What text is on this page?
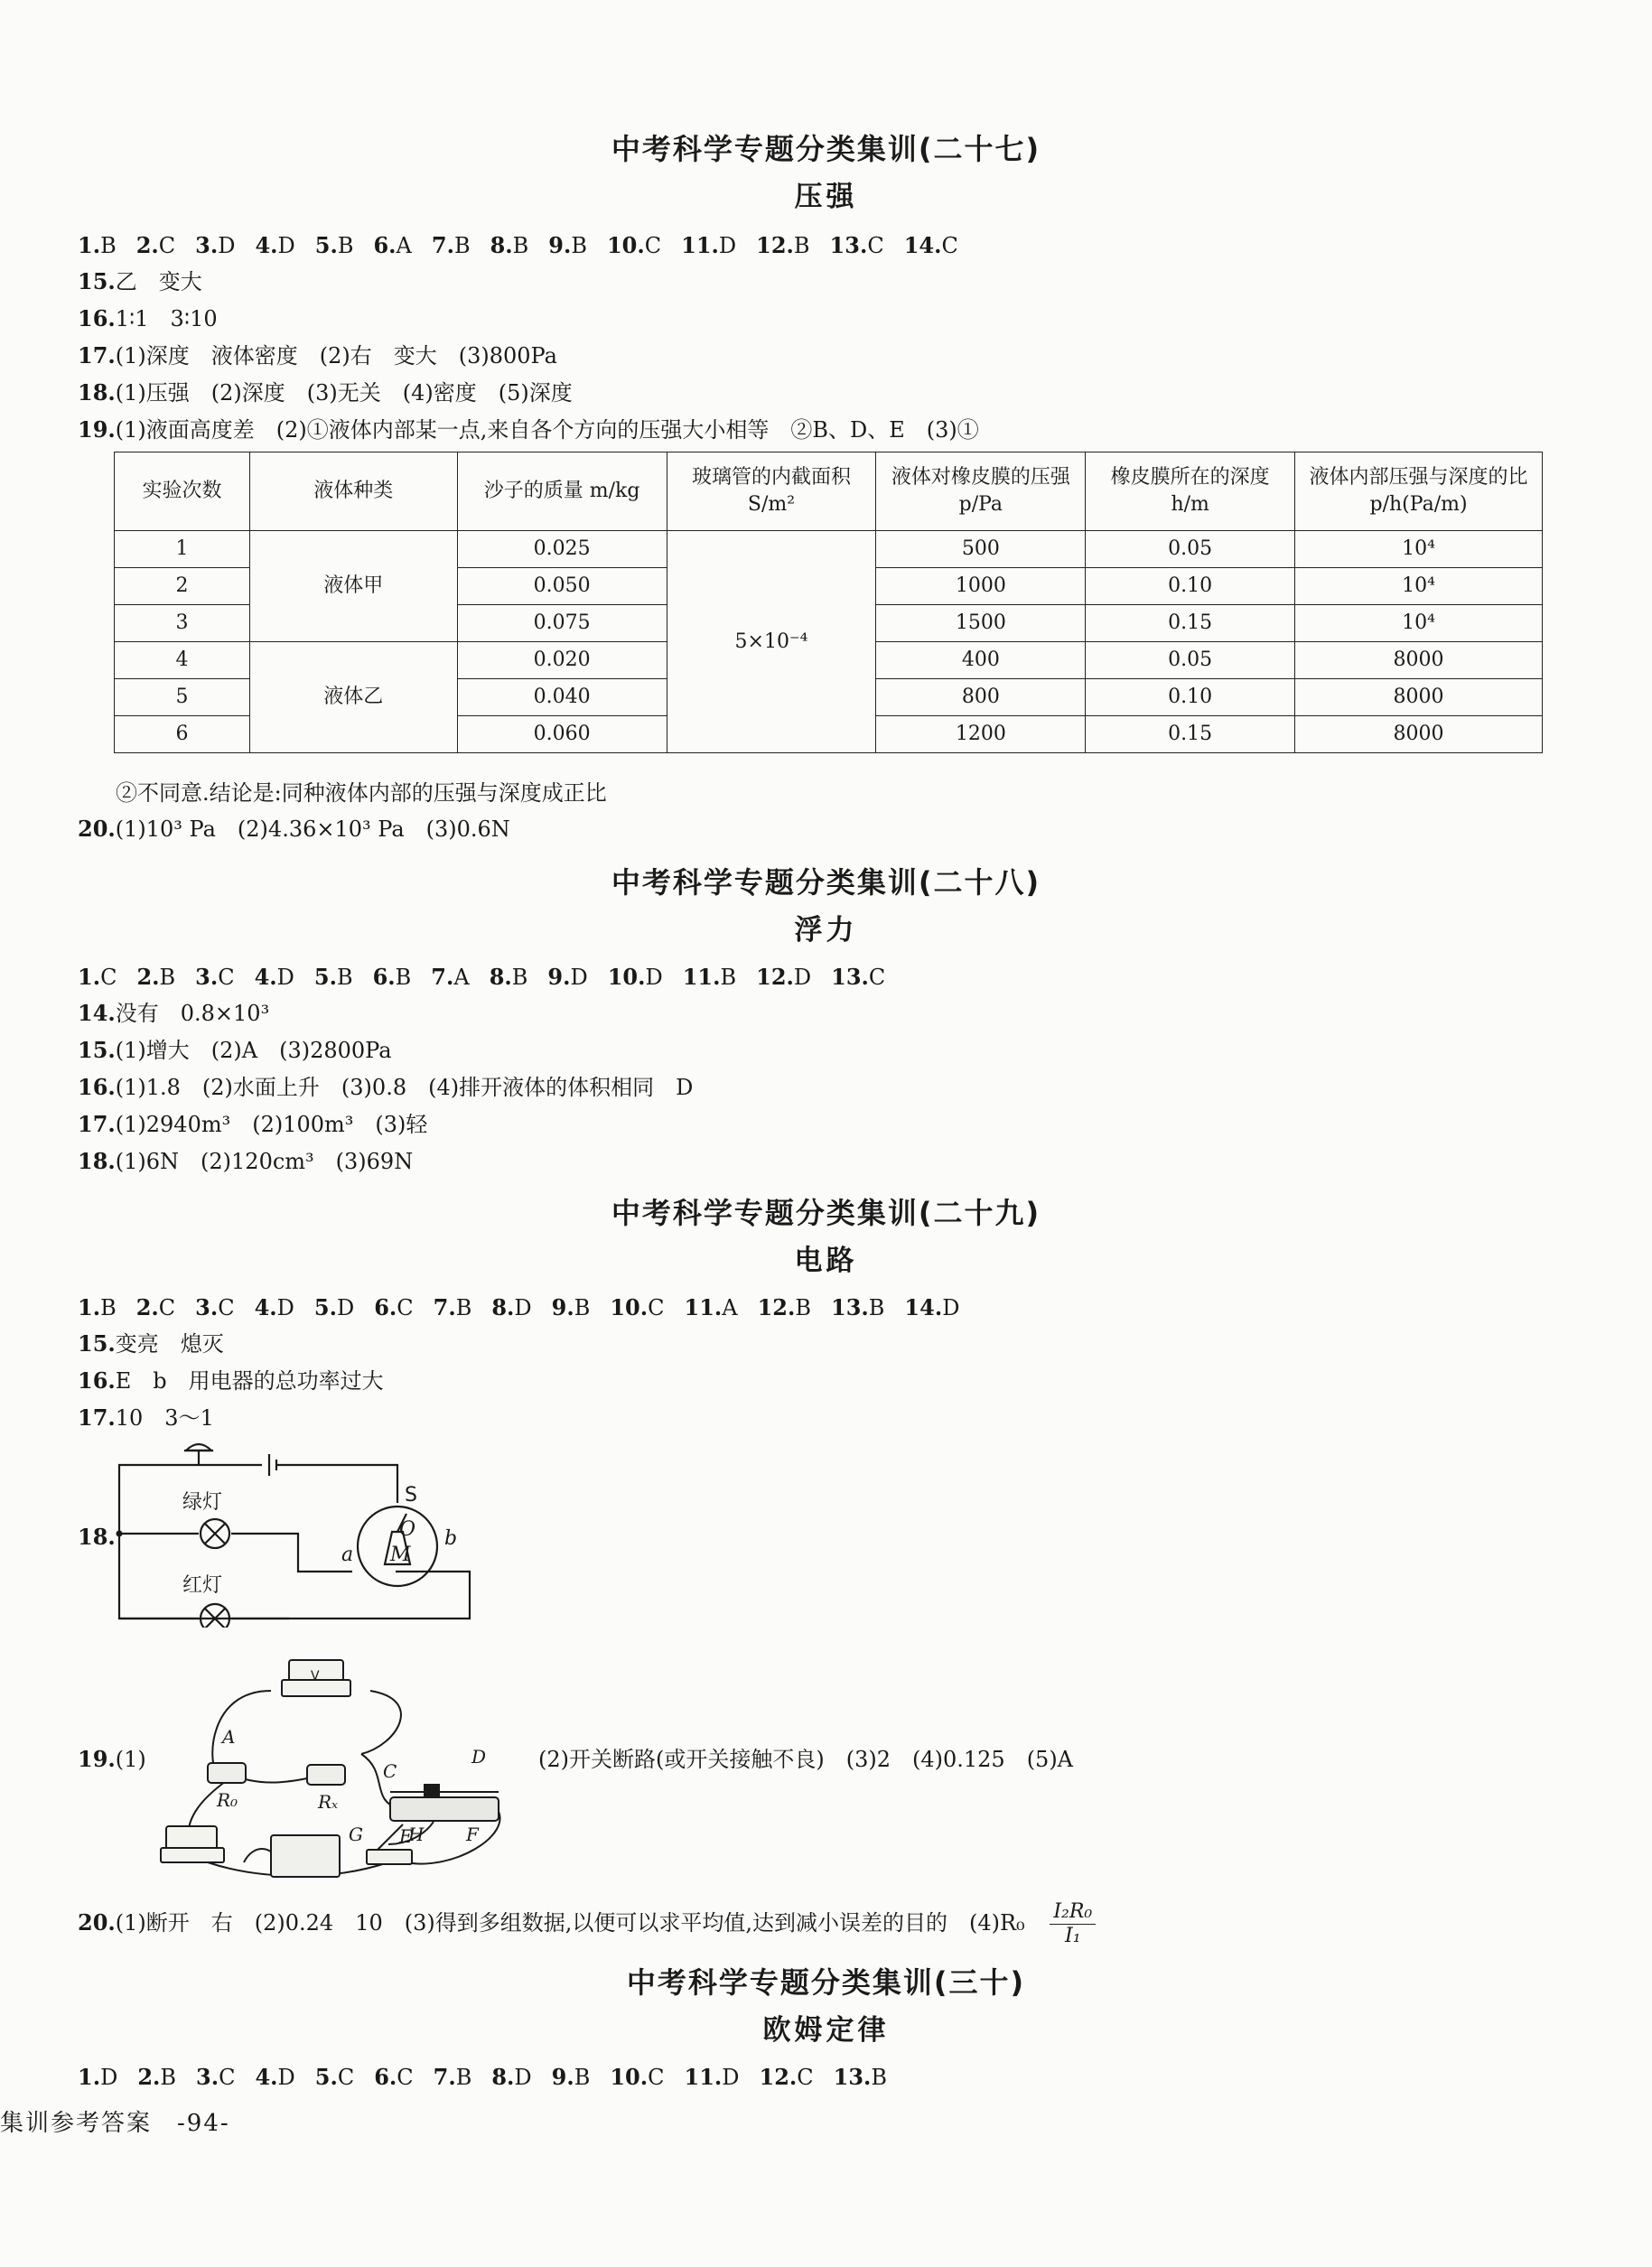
中考科学专题分类集训(二十七)
压强
1.B 2.C 3.D 4.D 5.B 6.A 7.B 8.B 9.B 10.C 11.D 12.B 13.C 14.C
15.乙　变大
16.1∶1　3∶10
17.(1)深度　液体密度　(2)右　变大　(3)800Pa
18.(1)压强　(2)深度　(3)无关　(4)密度　(5)深度
19.(1)液面高度差　(2)①液体内部某一点,来自各个方向的压强大小相等　②B、D、E　(3)①
实验次数	液体种类	沙子的质量 m/kg	玻璃管的内截面积 S/m²	液体对橡皮膜的压强 p/Pa	橡皮膜所在的深度 h/m	液体内部压强与深度的比 p/h(Pa/m)
1	液体甲	0.025	5×10⁻⁴	500	0.05	10⁴
2		0.050		1000	0.10	10⁴
3		0.075		1500	0.15	10⁴
4	液体乙	0.020		400	0.05	8000
5		0.040		800	0.10	8000
6		0.060		1200	0.15	8000
②不同意.结论是:同种液体内部的压强与深度成正比
20.(1)10³ Pa　(2)4.36×10³ Pa　(3)0.6N
中考科学专题分类集训(二十八)
浮力
1.C 2.B 3.C 4.D 5.B 6.B 7.A 8.B 9.D 10.D 11.B 12.D 13.C
14.没有　0.8×10³
15.(1)增大　(2)A　(3)2800Pa
16.(1)1.8　(2)水面上升　(3)0.8　(4)排开液体的体积相同　D
17.(1)2940m³　(2)100m³　(3)轻
18.(1)6N　(2)120cm³　(3)69N
中考科学专题分类集训(二十九)
电路
1.B 2.C 3.C 4.D 5.D 6.C 7.B 8.D 9.B 10.C 11.A 12.B 13.B 14.D
15.变亮　熄灭
16.E　b　用电器的总功率过大
17.10　3～1
18.
绿灯
红灯
S
O
M
a
b
19.(1)
A
R₀	Rₓ
C
D
E	F
G	H
V
(2)开关断路(或开关接触不良)　(3)2　(4)0.125　(5)A
20.(1)断开　右　(2)0.24　10　(3)得到多组数据,以便可以求平均值,达到减小误差的目的　$(4)R_0 \frac{\text{I₂R₀}}{\text{I₁}}$
中考科学专题分类集训(三十)
欧姆定律
1.D 2.B 3.C 4.D 5.C 6.C 7.B 8.D 9.B 10.C 11.D 12.C 13.B
集训参考答案　-94-
